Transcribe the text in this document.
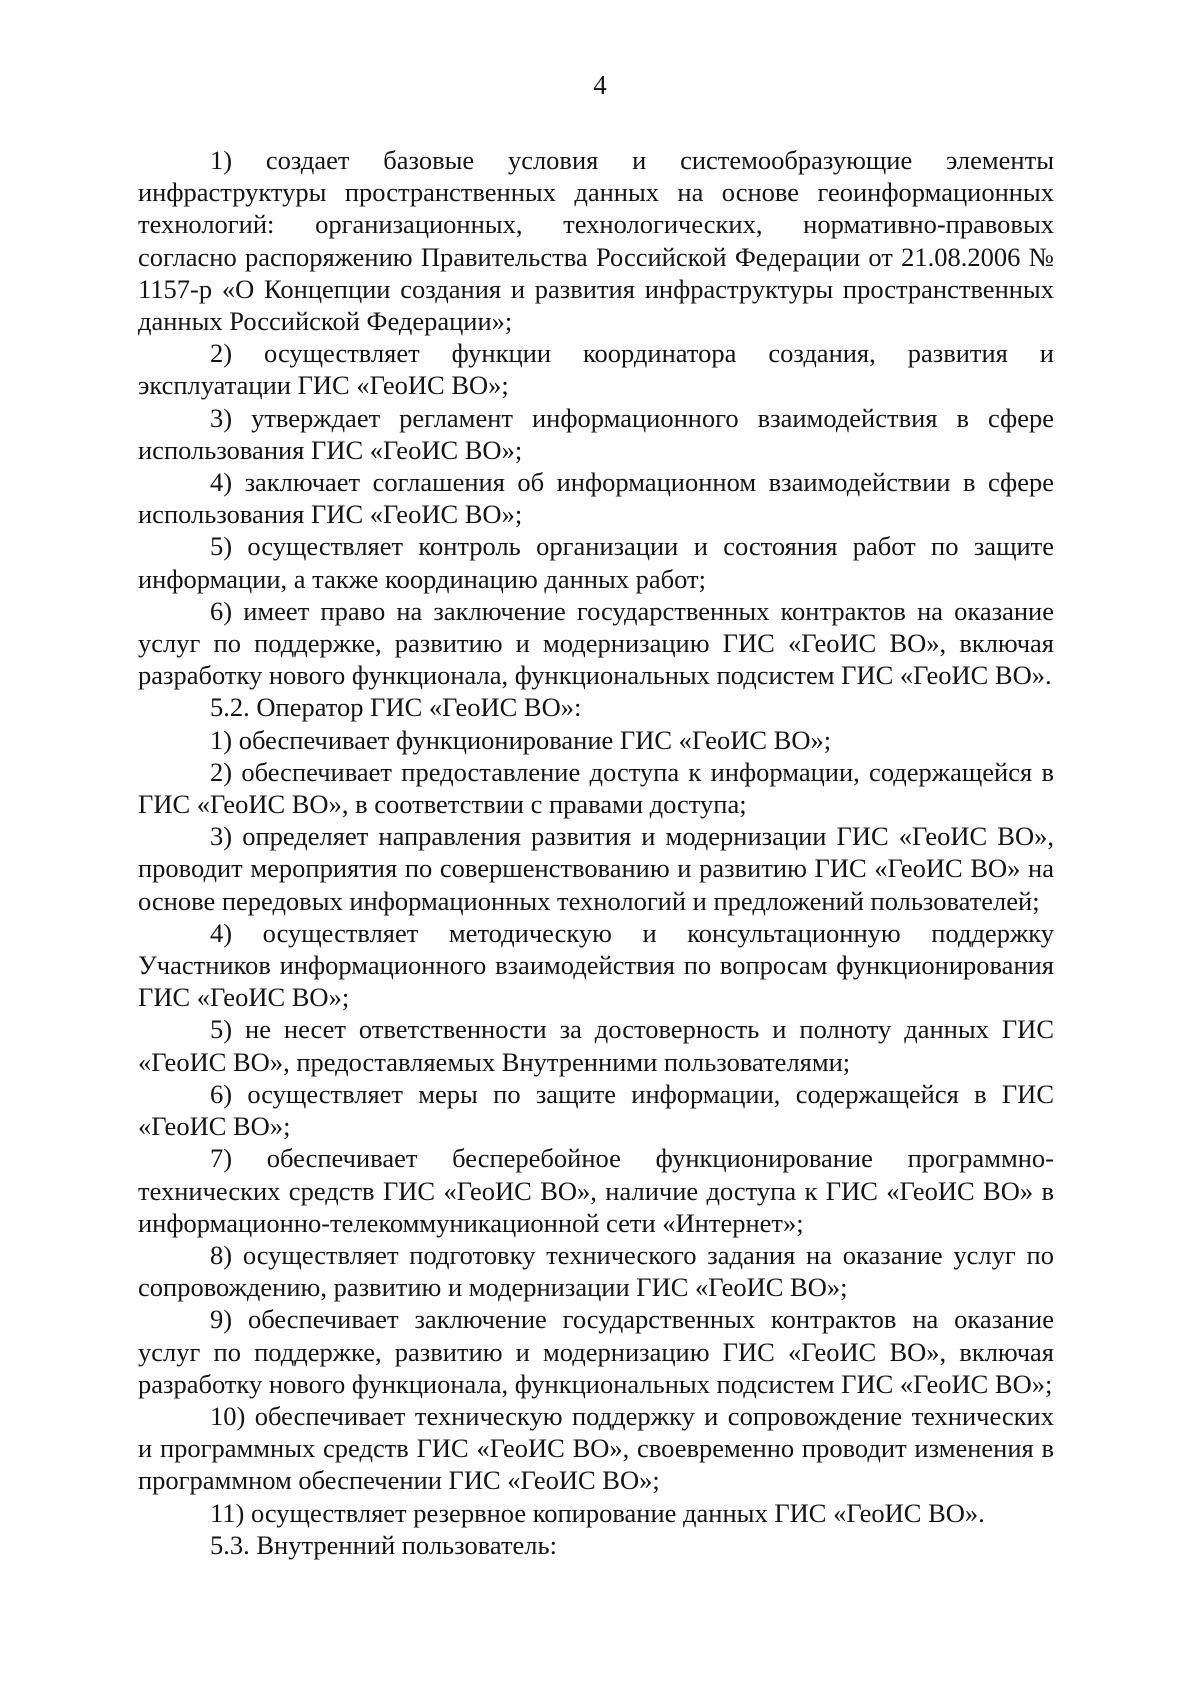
4

1) создает базовые условия и системообразующие элементы инфраструктуры пространственных данных на основе геоинформационных технологий: организационных, технологических, нормативно-правовых согласно распоряжению Правительства Российской Федерации от 21.08.2006 № 1157-р «О Концепции создания и развития инфраструктуры пространственных данных Российской Федерации»;

2) осуществляет функции координатора создания, развития и эксплуатации ГИС «ГеоИС ВО»;

3) утверждает регламент информационного взаимодействия в сфере использования ГИС «ГеоИС ВО»;

4) заключает соглашения об информационном взаимодействии в сфере использования ГИС «ГеоИС ВО»;

5) осуществляет контроль организации и состояния работ по защите информации, а также координацию данных работ;

6) имеет право на заключение государственных контрактов на оказание услуг по поддержке, развитию и модернизацию ГИС «ГеоИС ВО», включая разработку нового функционала, функциональных подсистем ГИС «ГеоИС ВО».

5.2. Оператор ГИС «ГеоИС ВО»:

1) обеспечивает функционирование ГИС «ГеоИС ВО»;

2) обеспечивает предоставление доступа к информации, содержащейся в ГИС «ГеоИС ВО», в соответствии с правами доступа;

3) определяет направления развития и модернизации ГИС «ГеоИС ВО», проводит мероприятия по совершенствованию и развитию ГИС «ГеоИС ВО» на основе передовых информационных технологий и предложений пользователей;

4) осуществляет методическую и консультационную поддержку Участников информационного взаимодействия по вопросам функционирования ГИС «ГеоИС ВО»;

5) не несет ответственности за достоверность и полноту данных ГИС «ГеоИС ВО», предоставляемых Внутренними пользователями;

6) осуществляет меры по защите информации, содержащейся в ГИС «ГеоИС ВО»;

7) обеспечивает бесперебойное функционирование программно-технических средств ГИС «ГеоИС ВО», наличие доступа к ГИС «ГеоИС ВО» в информационно-телекоммуникационной сети «Интернет»;

8) осуществляет подготовку технического задания на оказание услуг по сопровождению, развитию и модернизации ГИС «ГеоИС ВО»;

9) обеспечивает заключение государственных контрактов на оказание услуг по поддержке, развитию и модернизацию ГИС «ГеоИС ВО», включая разработку нового функционала, функциональных подсистем ГИС «ГеоИС ВО»;

10) обеспечивает техническую поддержку и сопровождение технических и программных средств ГИС «ГеоИС ВО», своевременно проводит изменения в программном обеспечении ГИС «ГеоИС ВО»;

11) осуществляет резервное копирование данных ГИС «ГеоИС ВО».

5.3. Внутренний пользователь:
